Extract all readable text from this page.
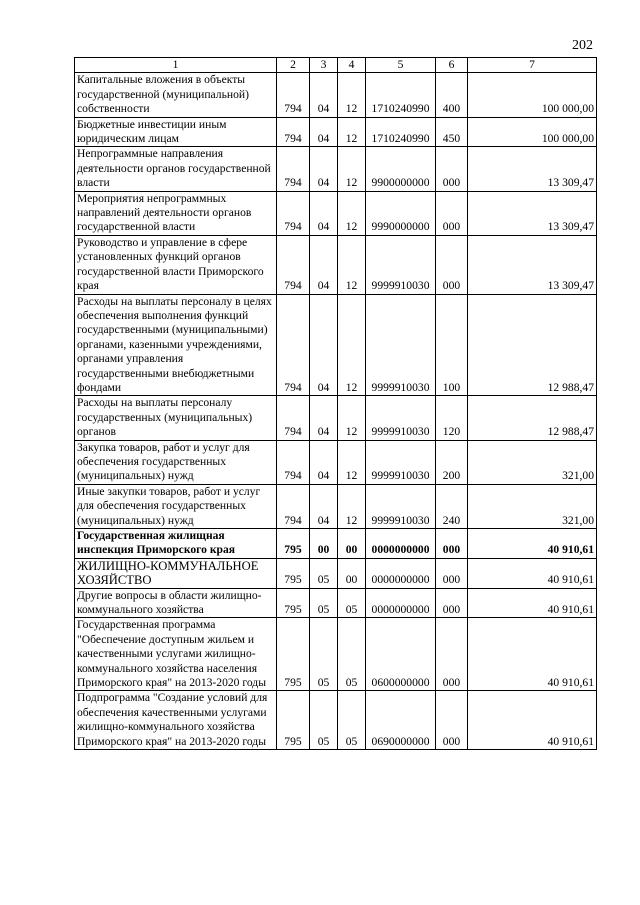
202
1	2	3	4	5	6	7
Капитальные вложения в объекты государственной (муниципальной) собственности	794	04	12	1710240990	400	100 000,00
Бюджетные инвестиции иным юридическим лицам	794	04	12	1710240990	450	100 000,00
Непрограммные направления деятельности органов государственной власти	794	04	12	9900000000	000	13 309,47
Мероприятия непрограммных направлений деятельности органов государственной власти	794	04	12	9990000000	000	13 309,47
Руководство и управление в сфере установленных функций органов государственной власти Приморского края	794	04	12	9999910030	000	13 309,47
Расходы на выплаты персоналу в целях обеспечения выполнения функций государственными (муниципальными) органами, казенными учреждениями, органами управления государственными внебюджетными фондами	794	04	12	9999910030	100	12 988,47
Расходы на выплаты персоналу государственных (муниципальных) органов	794	04	12	9999910030	120	12 988,47
Закупка товаров, работ и услуг для обеспечения государственных (муниципальных) нужд	794	04	12	9999910030	200	321,00
Иные закупки товаров, работ и услуг для обеспечения государственных (муниципальных) нужд	794	04	12	9999910030	240	321,00
Государственная жилищная инспекция Приморского края	795	00	00	0000000000	000	40 910,61
ЖИЛИЩНО-КОММУНАЛЬНОЕ ХОЗЯЙСТВО	795	05	00	0000000000	000	40 910,61
Другие вопросы в области жилищно-коммунального хозяйства	795	05	05	0000000000	000	40 910,61
Государственная программа "Обеспечение доступным жильем и качественными услугами жилищно-коммунального хозяйства населения Приморского края" на 2013-2020 годы	795	05	05	0600000000	000	40 910,61
Подпрограмма "Создание условий для обеспечения качественными услугами жилищно-коммунального хозяйства Приморского края" на 2013-2020 годы	795	05	05	0690000000	000	40 910,61
